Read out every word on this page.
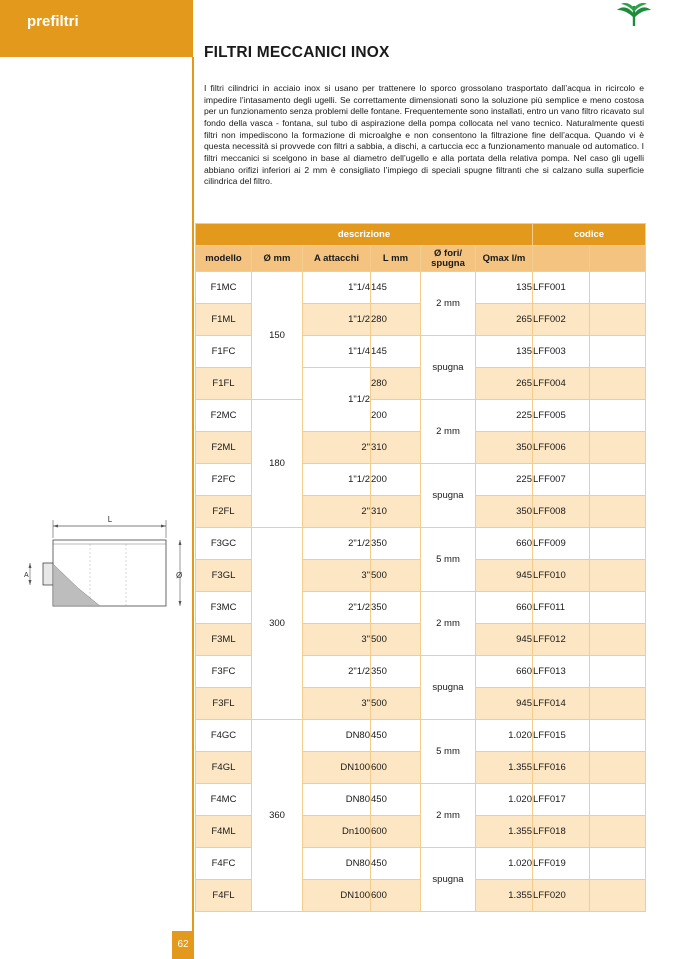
prefiltri
FILTRI MECCANICI INOX

I filtri cilindrici in acciaio inox si usano per trattenere lo sporco grossolano trasportato dall’acqua in ricircolo e impedire l’intasamento degli ugelli. Se correttamente dimensionati sono la soluzione più semplice e meno costosa per un funzionamento senza problemi delle fontane. Frequentemente sono installati, entro un vano filtro ricavato sul fondo della vasca - fontana, sul tubo di aspirazione della pompa collocata nel vano tecnico. Naturalmente questi filtri non impediscono la formazione di microalghe e non consentono la filtrazione fine dell’acqua. Quando vi è questa necessità si provvede con filtri a sabbia, a dischi, a cartuccia ecc a funzionamento manuale od automatico. I filtri meccanici si scelgono in base al diametro dell’ugello e alla portata della relativa pompa. Nel caso gli ugelli abbiano orifizi inferiori ai 2 mm è consigliato l’impiego di speciali spugne filtranti che si calzano sulla superficie cilindrica del filtro.

L
A	Ø
descrizione						codice	
modello	Ø mm	A attacchi	L mm	Ø fori/ spugna	Qmax l/m		
F1MC	150	1"1/4	145	2 mm	135	LFF001	
F1ML		1"1/2	280		265	LFF002	
F1FC		1"1/4	145	spugna	135	LFF003	
F1FL		1"1/2	280		265	LFF004	
F2MC	180		200	2 mm	225	LFF005	
F2ML		2"	310		350	LFF006	
F2FC		1"1/2	200	spugna	225	LFF007	
F2FL		2"	310		350	LFF008	
F3GC	300	2"1/2	350	5 mm	660	LFF009	
F3GL		3"	500		945	LFF010	
F3MC		2"1/2	350	2 mm	660	LFF011	
F3ML		3"	500		945	LFF012	
F3FC		2"1/2	350	spugna	660	LFF013	
F3FL		3"	500		945	LFF014	
F4GC	360	DN80	450	5 mm	1.020	LFF015	
F4GL		DN100	600		1.355	LFF016	
F4MC		DN80	450	2 mm	1.020	LFF017	
F4ML		Dn100	600		1.355	LFF018	
F4FC		DN80	450	spugna	1.020	LFF019	
F4FL		DN100	600		1.355	LFF020	
62
